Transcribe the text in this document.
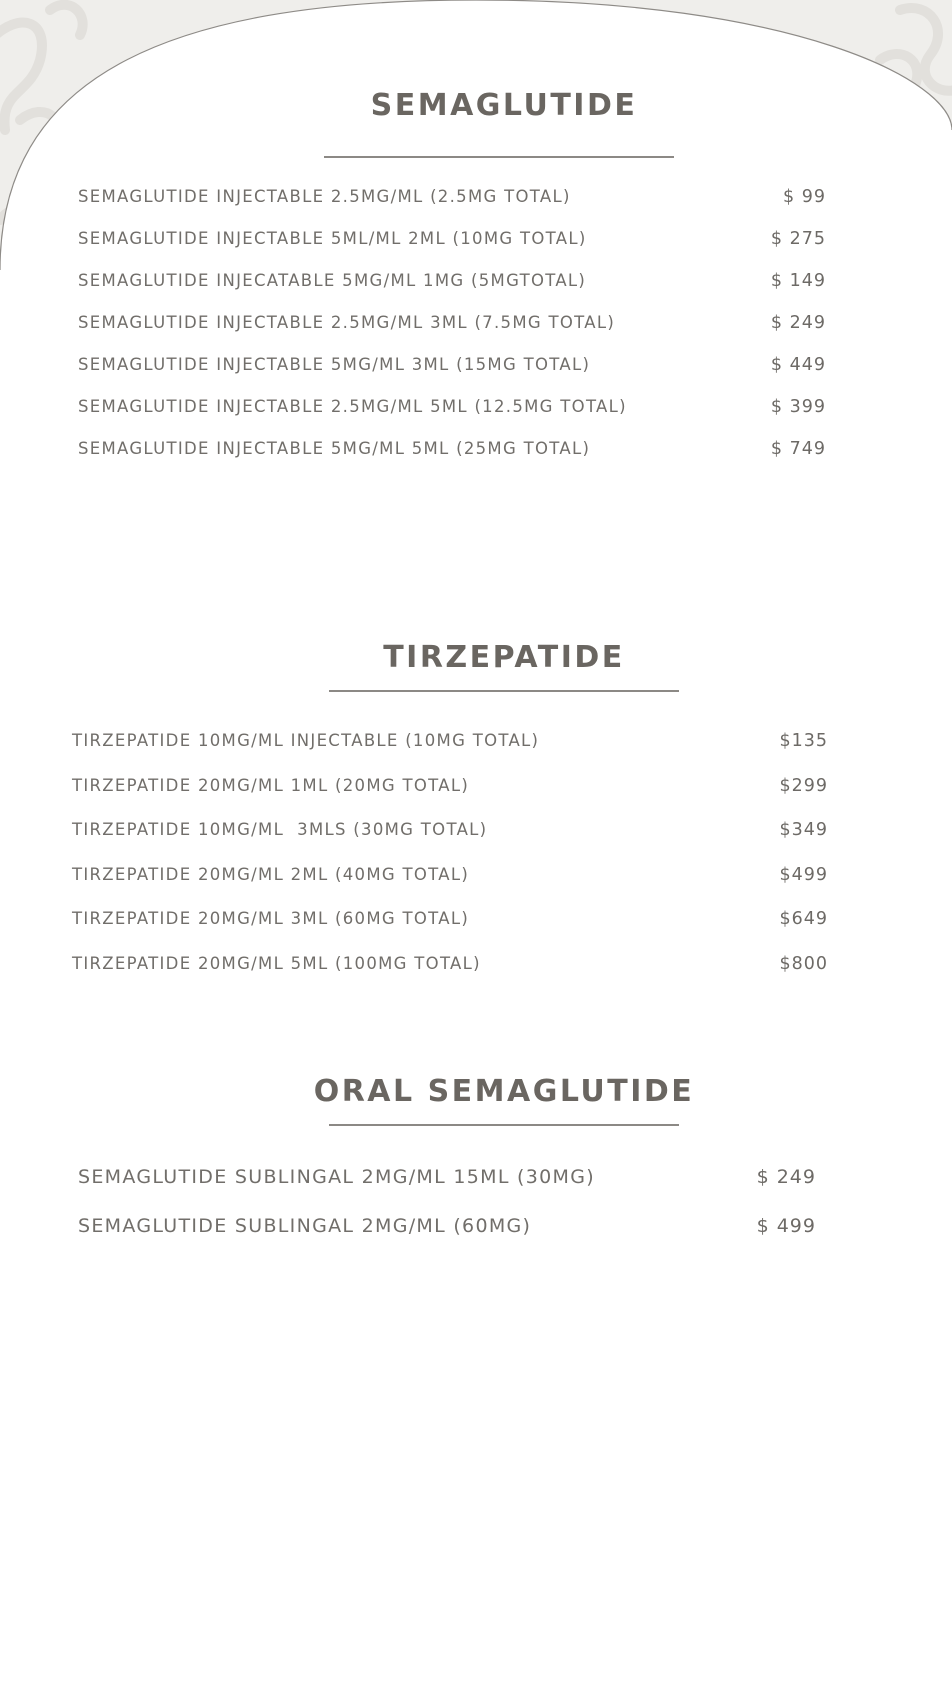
SEMAGLUTIDE
SEMAGLUTIDE INJECTABLE 2.5MG/ML (2.5MG TOTAL)	$ 99
SEMAGLUTIDE INJECTABLE 5ML/ML 2ML (10MG TOTAL)	$ 275
SEMAGLUTIDE INJECATABLE 5MG/ML 1MG (5MGTOTAL)	$ 149
SEMAGLUTIDE INJECTABLE 2.5MG/ML 3ML (7.5MG TOTAL)	$ 249
SEMAGLUTIDE INJECTABLE 5MG/ML 3ML (15MG TOTAL)	$ 449
SEMAGLUTIDE INJECTABLE 2.5MG/ML 5ML (12.5MG TOTAL)	$ 399
SEMAGLUTIDE INJECTABLE 5MG/ML 5ML (25MG TOTAL)	$ 749
TIRZEPATIDE
TIRZEPATIDE 10MG/ML INJECTABLE (10MG TOTAL)	$135
TIRZEPATIDE 20MG/ML 1ML (20MG TOTAL)	$299
TIRZEPATIDE 10MG/ML  3MLS (30MG TOTAL)	$349
TIRZEPATIDE 20MG/ML 2ML (40MG TOTAL)	$499
TIRZEPATIDE 20MG/ML 3ML (60MG TOTAL)	$649
TIRZEPATIDE 20MG/ML 5ML (100MG TOTAL)	$800
ORAL SEMAGLUTIDE
SEMAGLUTIDE SUBLINGAL 2MG/ML 15ML (30MG)	$ 249
SEMAGLUTIDE SUBLINGAL 2MG/ML (60MG)	$ 499
